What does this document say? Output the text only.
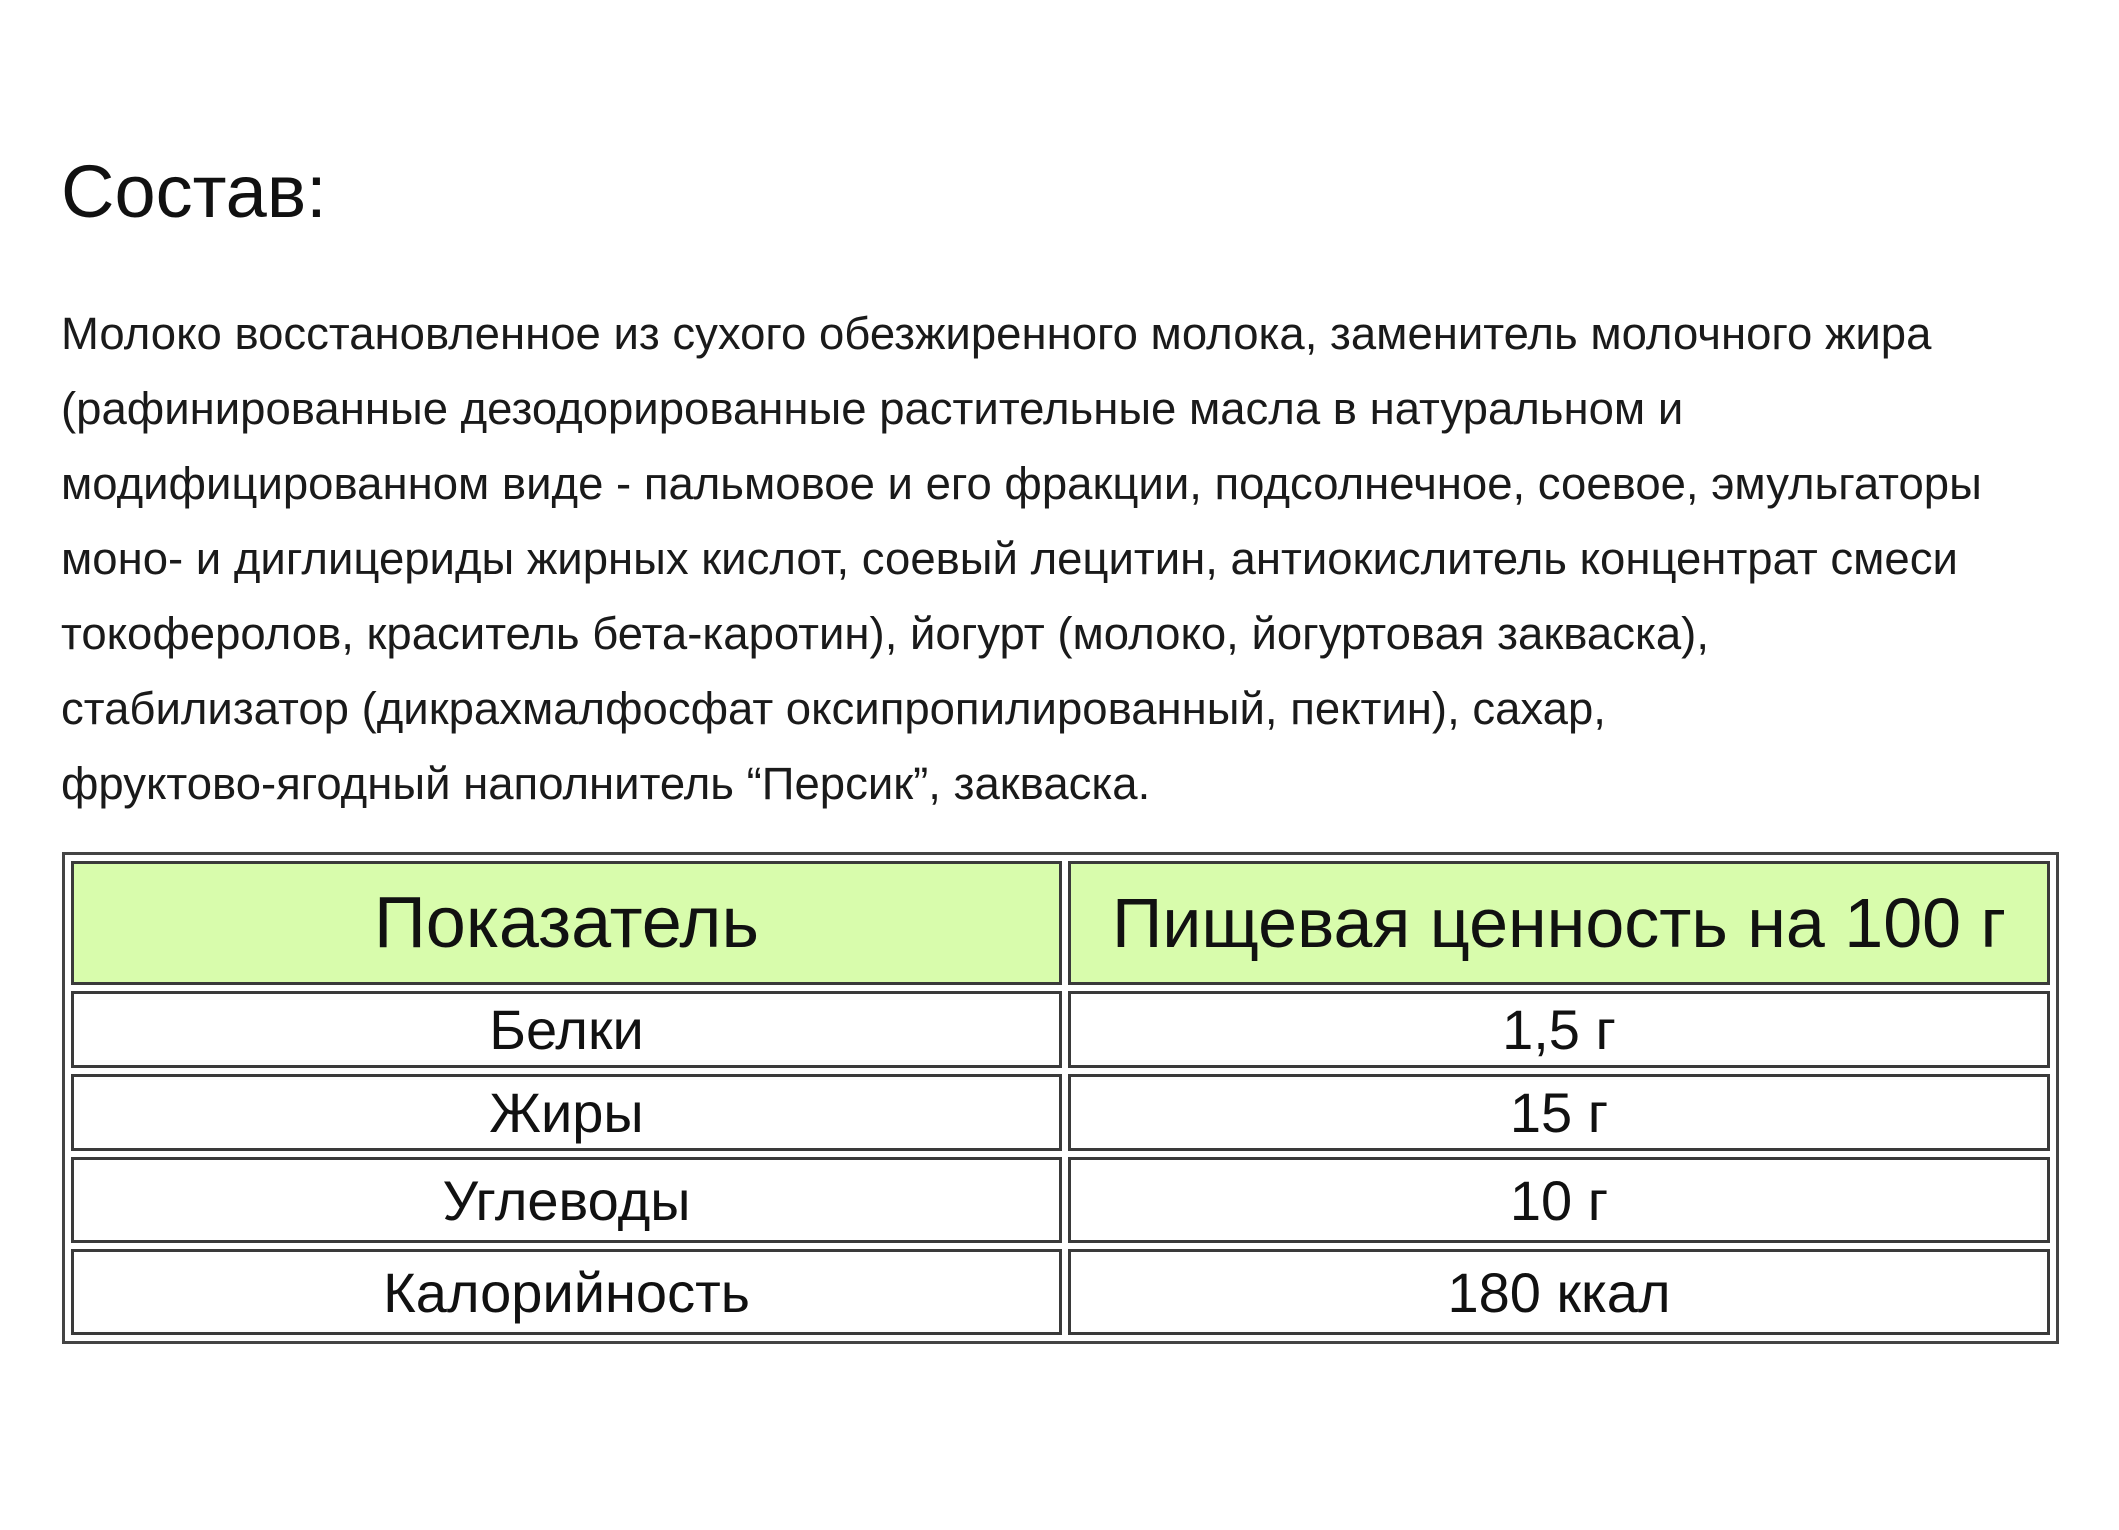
Состав:

Молоко восстановленное из сухого обезжиренного молока, заменитель молочного жира
(рафинированные дезодорированные растительные масла в натуральном и
модифицированном виде - пальмовое и его фракции, подсолнечное, соевое, эмульгаторы
моно- и диглицериды жирных кислот, соевый лецитин, антиокислитель концентрат смеси
токоферолов, краситель бета-каротин), йогурт (молоко, йогуртовая закваска),
стабилизатор (дикрахмалфосфат оксипропилированный, пектин), сахар,
фруктово-ягодный наполнитель “Персик”, закваска.

Показатель	Пищевая ценность на 100 г
Белки	1,5 г
Жиры	15 г
Углеводы	10 г
Калорийность	180 ккал
